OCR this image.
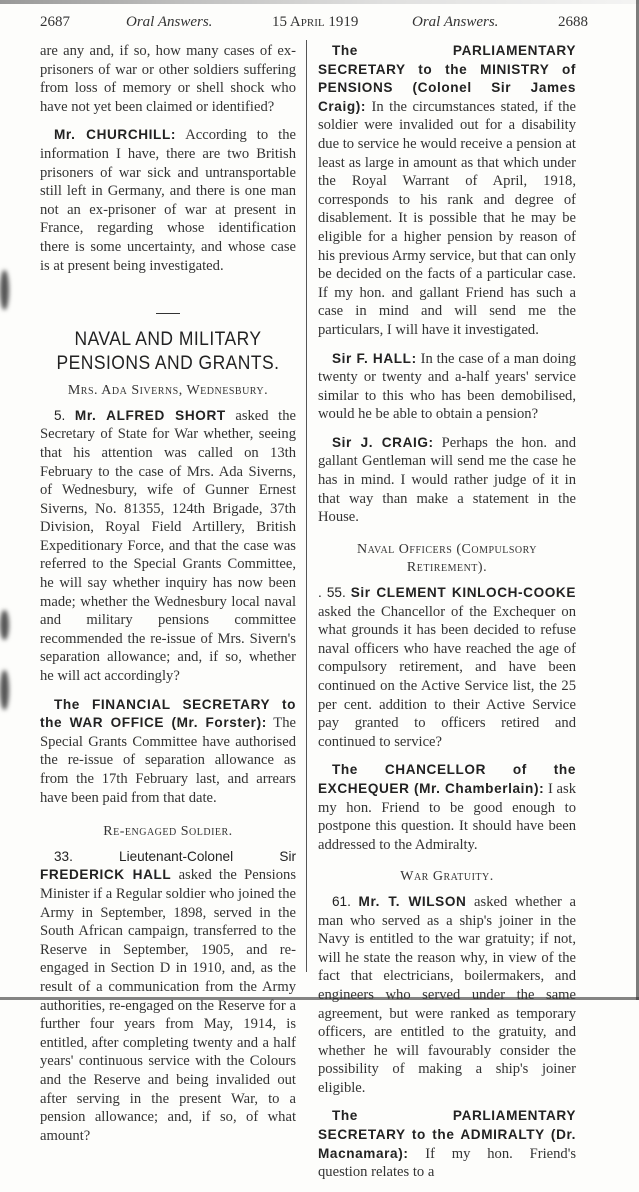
2687	Oral Answers.	15 April 1919	Oral Answers.	2688

are any and, if so, how many cases of ex-prisoners of war or other soldiers suffering from loss of memory or shell shock who have not yet been claimed or identified?

Mr. CHURCHILL: According to the information I have, there are two British prisoners of war sick and untransportable still left in Germany, and there is one man not an ex-prisoner of war at present in France, regarding whose identification there is some uncertainty, and whose case is at present being investigated.

NAVAL AND MILITARY PENSIONS AND GRANTS.
Mrs. Ada Siverns, Wednesbury.

5. Mr. ALFRED SHORT asked the Secretary of State for War whether, seeing that his attention was called on 13th February to the case of Mrs. Ada Siverns, of Wednesbury, wife of Gunner Ernest Siverns, No. 81355, 124th Brigade, 37th Division, Royal Field Artillery, British Expeditionary Force, and that the case was referred to the Special Grants Committee, he will say whether inquiry has now been made; whether the Wednesbury local naval and military pensions committee recommended the re-issue of Mrs. Sivern's separation allowance; and, if so, whether he will act accordingly?

The FINANCIAL SECRETARY to the WAR OFFICE (Mr. Forster): The Special Grants Committee have authorised the re-issue of separation allowance as from the 17th February last, and arrears have been paid from that date.

Re-engaged Soldier.

33.	Lieutenant-Colonel Sir FREDERICK HALL asked the Pensions Minister if a Regular soldier who joined the Army in September, 1898, served in the South African campaign, transferred to the Reserve in September, 1905, and re-engaged in Section D in 1910, and, as the result of a communication from the Army authorities, re-engaged on the Reserve for a further four years from May, 1914, is entitled, after completing twenty and a half years' continuous service with the Colours and the Reserve and being invalided out after serving in the present War, to a pension allowance; and, if so, of what amount?

The PARLIAMENTARY SECRETARY to the MINISTRY of PENSIONS (Colonel Sir James Craig): In the circumstances stated, if the soldier were invalided out for a disability due to service he would receive a pension at least as large in amount as that which under the Royal Warrant of April, 1918, corresponds to his rank and degree of disablement. It is possible that he may be eligible for a higher pension by reason of his previous Army service, but that can only be decided on the facts of a particular case. If my hon. and gallant Friend has such a case in mind and will send me the particulars, I will have it investigated.

Sir F. HALL: In the case of a man doing twenty or twenty and a-half years' service similar to this who has been demobilised, would he be able to obtain a pension?

Sir J. CRAIG: Perhaps the hon. and gallant Gentleman will send me the case he has in mind. I would rather judge of it in that way than make a statement in the House.

Naval Officers (Compulsory Retirement).

. 55. Sir CLEMENT KINLOCH-COOKE asked the Chancellor of the Exchequer on what grounds it has been decided to refuse naval officers who have reached the age of compulsory retirement, and have been continued on the Active Service list, the 25 per cent. addition to their Active Service pay granted to officers retired and continued to service?

The CHANCELLOR of the EXCHEQUER (Mr. Chamberlain): I ask my hon. Friend to be good enough to postpone this question. It should have been addressed to the Admiralty.

War Gratuity.

61. Mr. T. WILSON asked whether a man who served as a ship's joiner in the Navy is entitled to the war gratuity; if not, will he state the reason why, in view of the fact that electricians, boilermakers, and engineers who served under the same agreement, but were ranked as temporary officers, are entitled to the gratuity, and whether he will favourably consider the possibility of making a ship's joiner eligible.

The PARLIAMENTARY SECRETARY to the ADMIRALTY (Dr. Macnamara): If my hon. Friend's question relates to a
